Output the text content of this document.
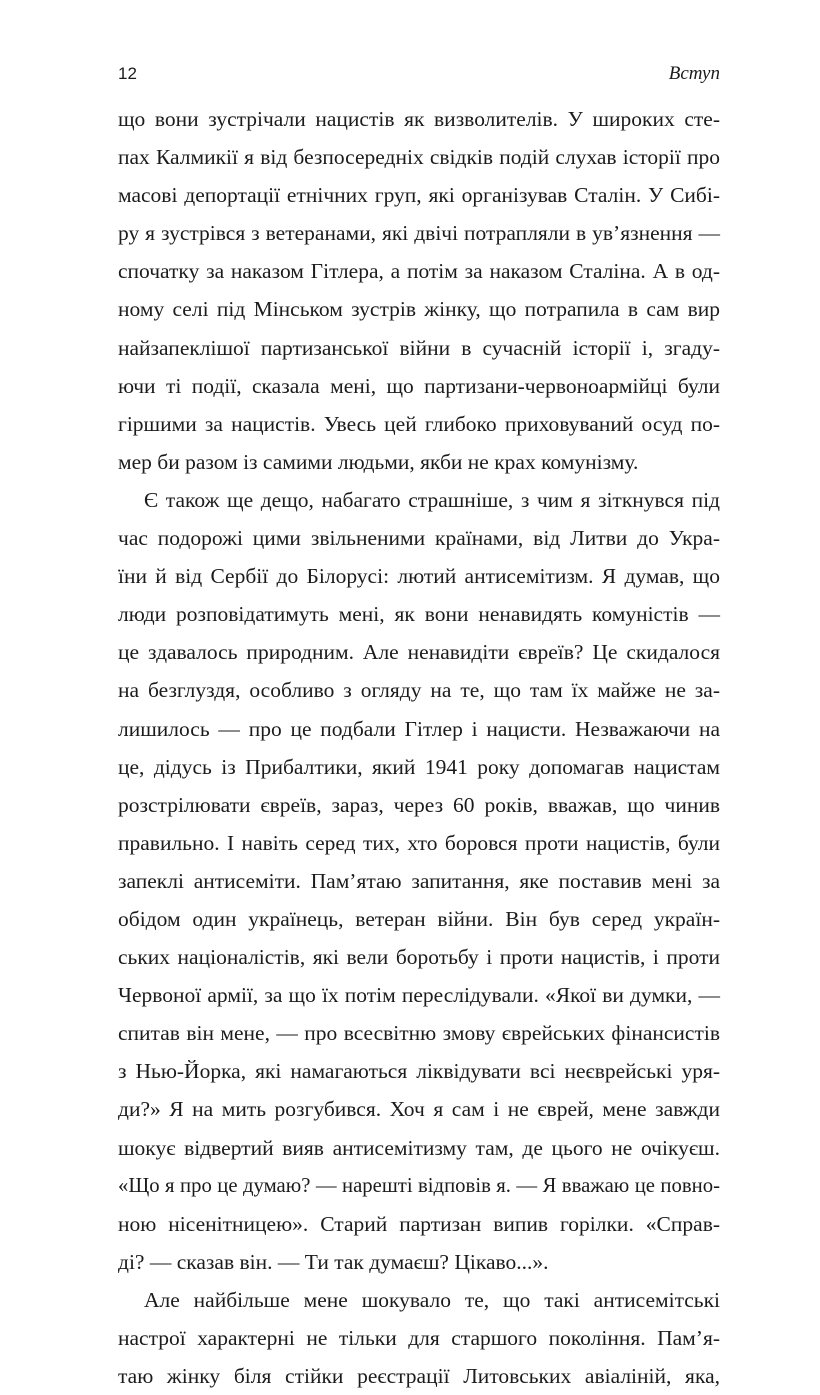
12	Вступ
що вони зустрічали нацистів як визволителів. У широких сте-
пах Калмикії я від безпосередніх свідків подій слухав історії про
масові депортації етнічних груп, які організував Сталін. У Сибі-
ру я зустрівся з ветеранами, які двічі потрапляли в ув’язнення —
спочатку за наказом Гітлера, а потім за наказом Сталіна. А в од-
ному селі під Мінськом зустрів жінку, що потрапила в сам вир
найзапеклішої партизанської війни в сучасній історії і, згаду-
ючи ті події, сказала мені, що партизани-червоноармійці були
гіршими за нацистів. Увесь цей глибоко приховуваний осуд по-
мер би разом із самими людьми, якби не крах комунізму.
Є також ще дещо, набагато страшніше, з чим я зіткнувся під
час подорожі цими звільненими країнами, від Литви до Укра-
їни й від Сербії до Білорусі: лютий антисемітизм. Я думав, що
люди розповідатимуть мені, як вони ненавидять комуністів —
це здавалось природним. Але ненавидіти євреїв? Це скидалося
на безглуздя, особливо з огляду на те, що там їх майже не за-
лишилось — про це подбали Гітлер і нацисти. Незважаючи на
це, дідусь із Прибалтики, який 1941 року допомагав нацистам
розстрілювати євреїв, зараз, через 60 років, вважав, що чинив
правильно. І навіть серед тих, хто боровся проти нацистів, були
запеклі антисеміти. Пам’ятаю запитання, яке поставив мені за
обідом один українець, ветеран війни. Він був серед україн-
ських націоналістів, які вели боротьбу і проти нацистів, і проти
Червоної армії, за що їх потім переслідували. «Якої ви думки, —
спитав він мене, — про всесвітню змову єврейських фінансистів
з Нью-Йорка, які намагаються ліквідувати всі неєврейські уря-
ди?» Я на мить розгубився. Хоч я сам і не єврей, мене завжди
шокує відвертий вияв антисемітизму там, де цього не очікуєш.
«Що я про це думаю? — нарешті відповів я. — Я вважаю це повно-
ною нісенітницею». Старий партизан випив горілки. «Справ-
ді? — сказав він. — Ти так думаєш? Цікаво...».
Але найбільше мене шокувало те, що такі антисемітські
настрої характерні не тільки для старшого покоління. Пам’я-
таю жінку біля стійки реєстрації Литовських авіаліній, яка,
